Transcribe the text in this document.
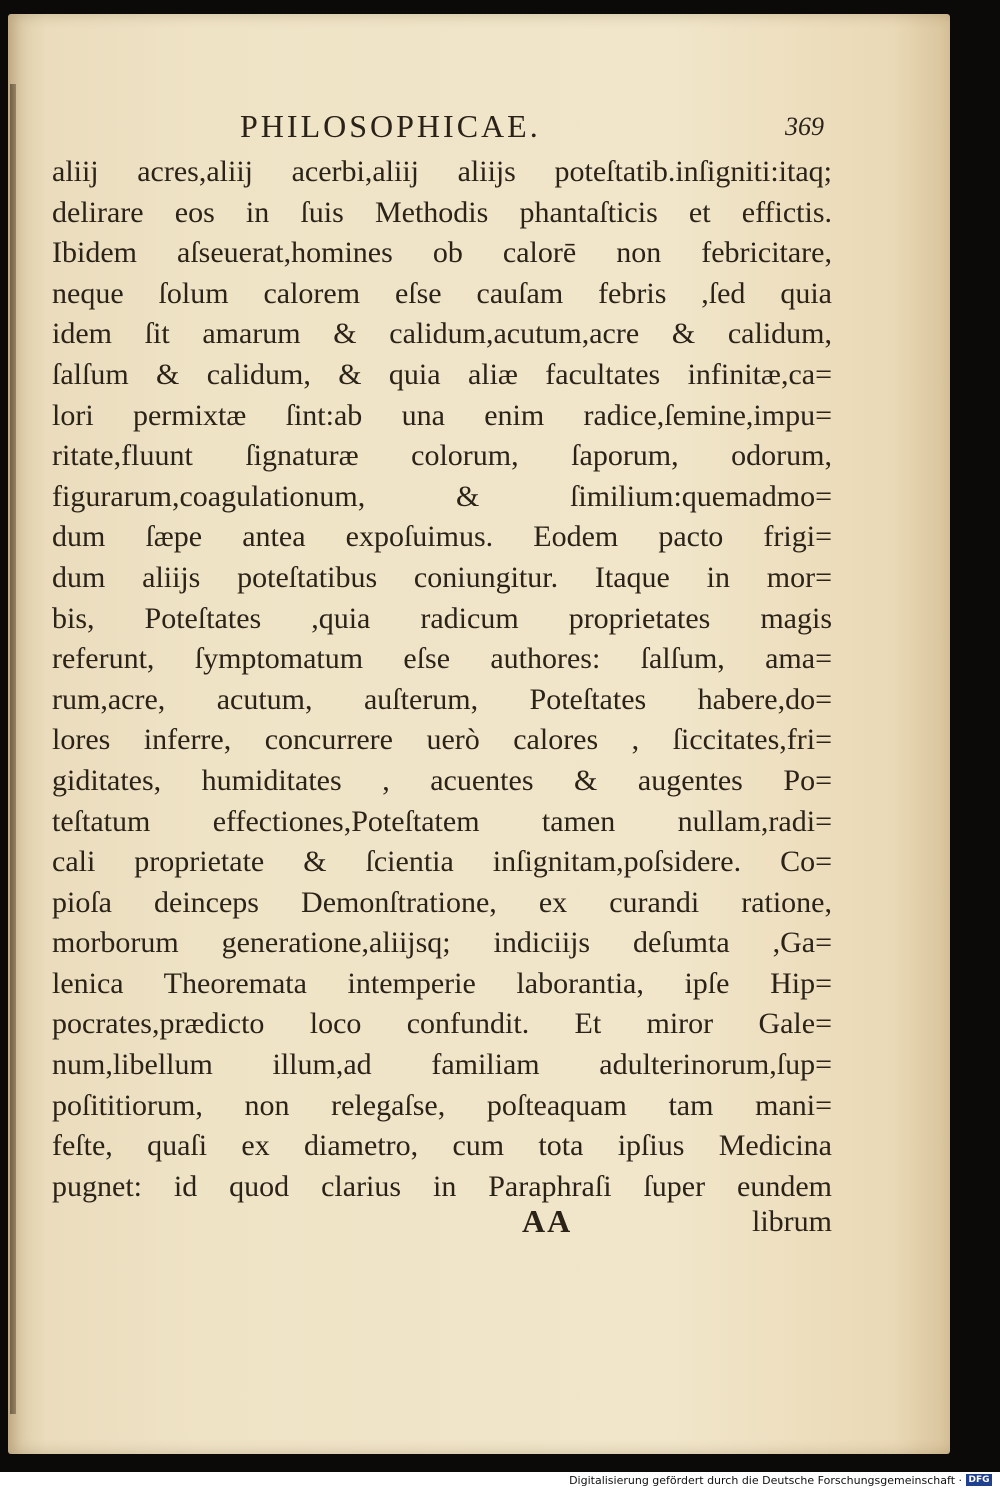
PHILOSOPHICAE.	369
aliĳ acres,aliĳ acerbi,aliĳ aliĳs poteſtatib.inſigniti:itaq;
delirare eos in ſuis Methodis phantaſticis et effictis.
Ibidem aſseuerat,homines ob calorē non febricitare,
neque ſolum calorem eſse cauſam febris ,ſed quia
idem ſit amarum & calidum,acutum,acre & calidum,
ſalſum & calidum, & quia aliæ facultates infinitæ,ca=
lori permixtæ ſint:ab una enim radice,ſemine,impu=
ritate,fluunt ſignaturæ colorum, ſaporum, odorum,
figurarum,coagulationum, & ſimilium:quemadmo=
dum ſæpe antea expoſuimus. Eodem pacto frigi=
dum aliĳs poteſtatibus coniungitur. Itaque in mor=
bis, Poteſtates ,quia radicum proprietates magis
referunt, ſymptomatum eſse authores: ſalſum, ama=
rum,acre, acutum, auſterum, Poteſtates habere,do=
lores inferre, concurrere uerò calores , ſiccitates,fri=
giditates, humiditates , acuentes & augentes Po=
teſtatum effectiones,Poteſtatem tamen nullam,radi=
cali proprietate & ſcientia inſignitam,poſsidere. Co=
pioſa deinceps Demonſtratione, ex curandi ratione,
morborum generatione,aliĳsq; indiciĳs deſumta ,Ga=
lenica Theoremata intemperie laborantia, ipſe Hip=
pocrates,prædicto loco confundit. Et miror Gale=
num,libellum illum,ad familiam adulterinorum,ſup=
poſititiorum, non relegaſse, poſteaquam tam mani=
feſte, quaſi ex diametro, cum tota ipſius Medicina
pugnet: id quod clarius in Paraphraſi ſuper eundem
AA	librum
Digitalisierung gefördert durch die Deutsche Forschungsgemeinschaft · DFG
